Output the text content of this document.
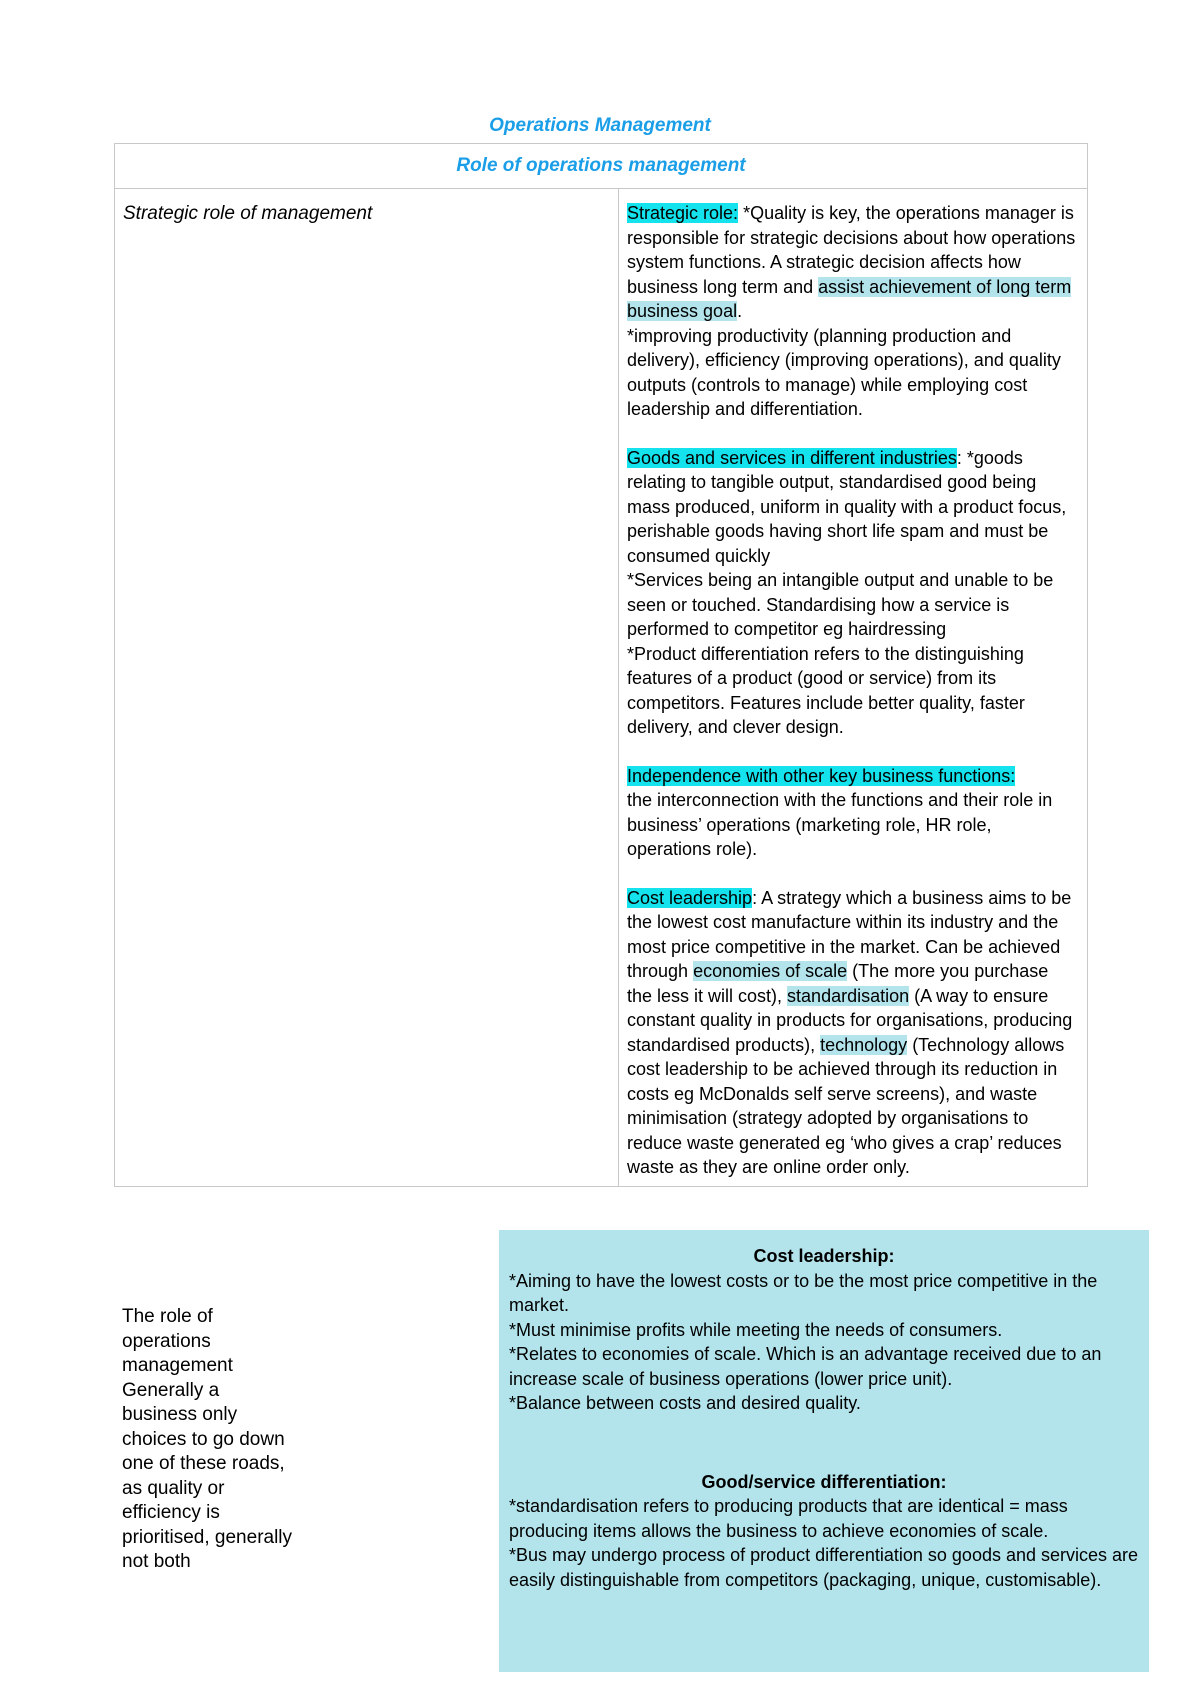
Operations Management
Role of operations management
Strategic role of management	Strategic role: *Quality is key, the operations manager is responsible for strategic decisions about how operations system functions. A strategic decision affects how business long term and assist achievement of long term business goal.
*improving productivity (planning production and delivery), efficiency (improving operations), and quality outputs (controls to manage) while employing cost leadership and differentiation.
Goods and services in different industries: *goods relating to tangible output, standardised good being mass produced, uniform in quality with a product focus, perishable goods having short life spam and must be consumed quickly
*Services being an intangible output and unable to be seen or touched. Standardising how a service is performed to competitor eg hairdressing
*Product differentiation refers to the distinguishing features of a product (good or service) from its competitors. Features include better quality, faster delivery, and clever design.
Independence with other key business functions:
the interconnection with the functions and their role in business’ operations (marketing role, HR role, operations role).
Cost leadership: A strategy which a business aims to be the lowest cost manufacture within its industry and the most price competitive in the market. Can be achieved through economies of scale (The more you purchase the less it will cost), standardisation (A way to ensure constant quality in products for organisations, producing standardised products), technology (Technology allows cost leadership to be achieved through its reduction in costs eg McDonalds self serve screens), and waste minimisation (strategy adopted by organisations to reduce waste generated eg ‘who gives a crap’ reduces waste as they are online order only.
The role of
operations
management
Generally a
business only
choices to go down
one of these roads,
as quality or
efficiency is
prioritised, generally
not both
Cost leadership:
*Aiming to have the lowest costs or to be the most price competitive in the market.
*Must minimise profits while meeting the needs of consumers.
*Relates to economies of scale. Which is an advantage received due to an increase scale of business operations (lower price unit).
*Balance between costs and desired quality.
Good/service differentiation:
*standardisation refers to producing products that are identical = mass producing items allows the business to achieve economies of scale.
*Bus may undergo process of product differentiation so goods and services are easily distinguishable from competitors (packaging, unique, customisable).
